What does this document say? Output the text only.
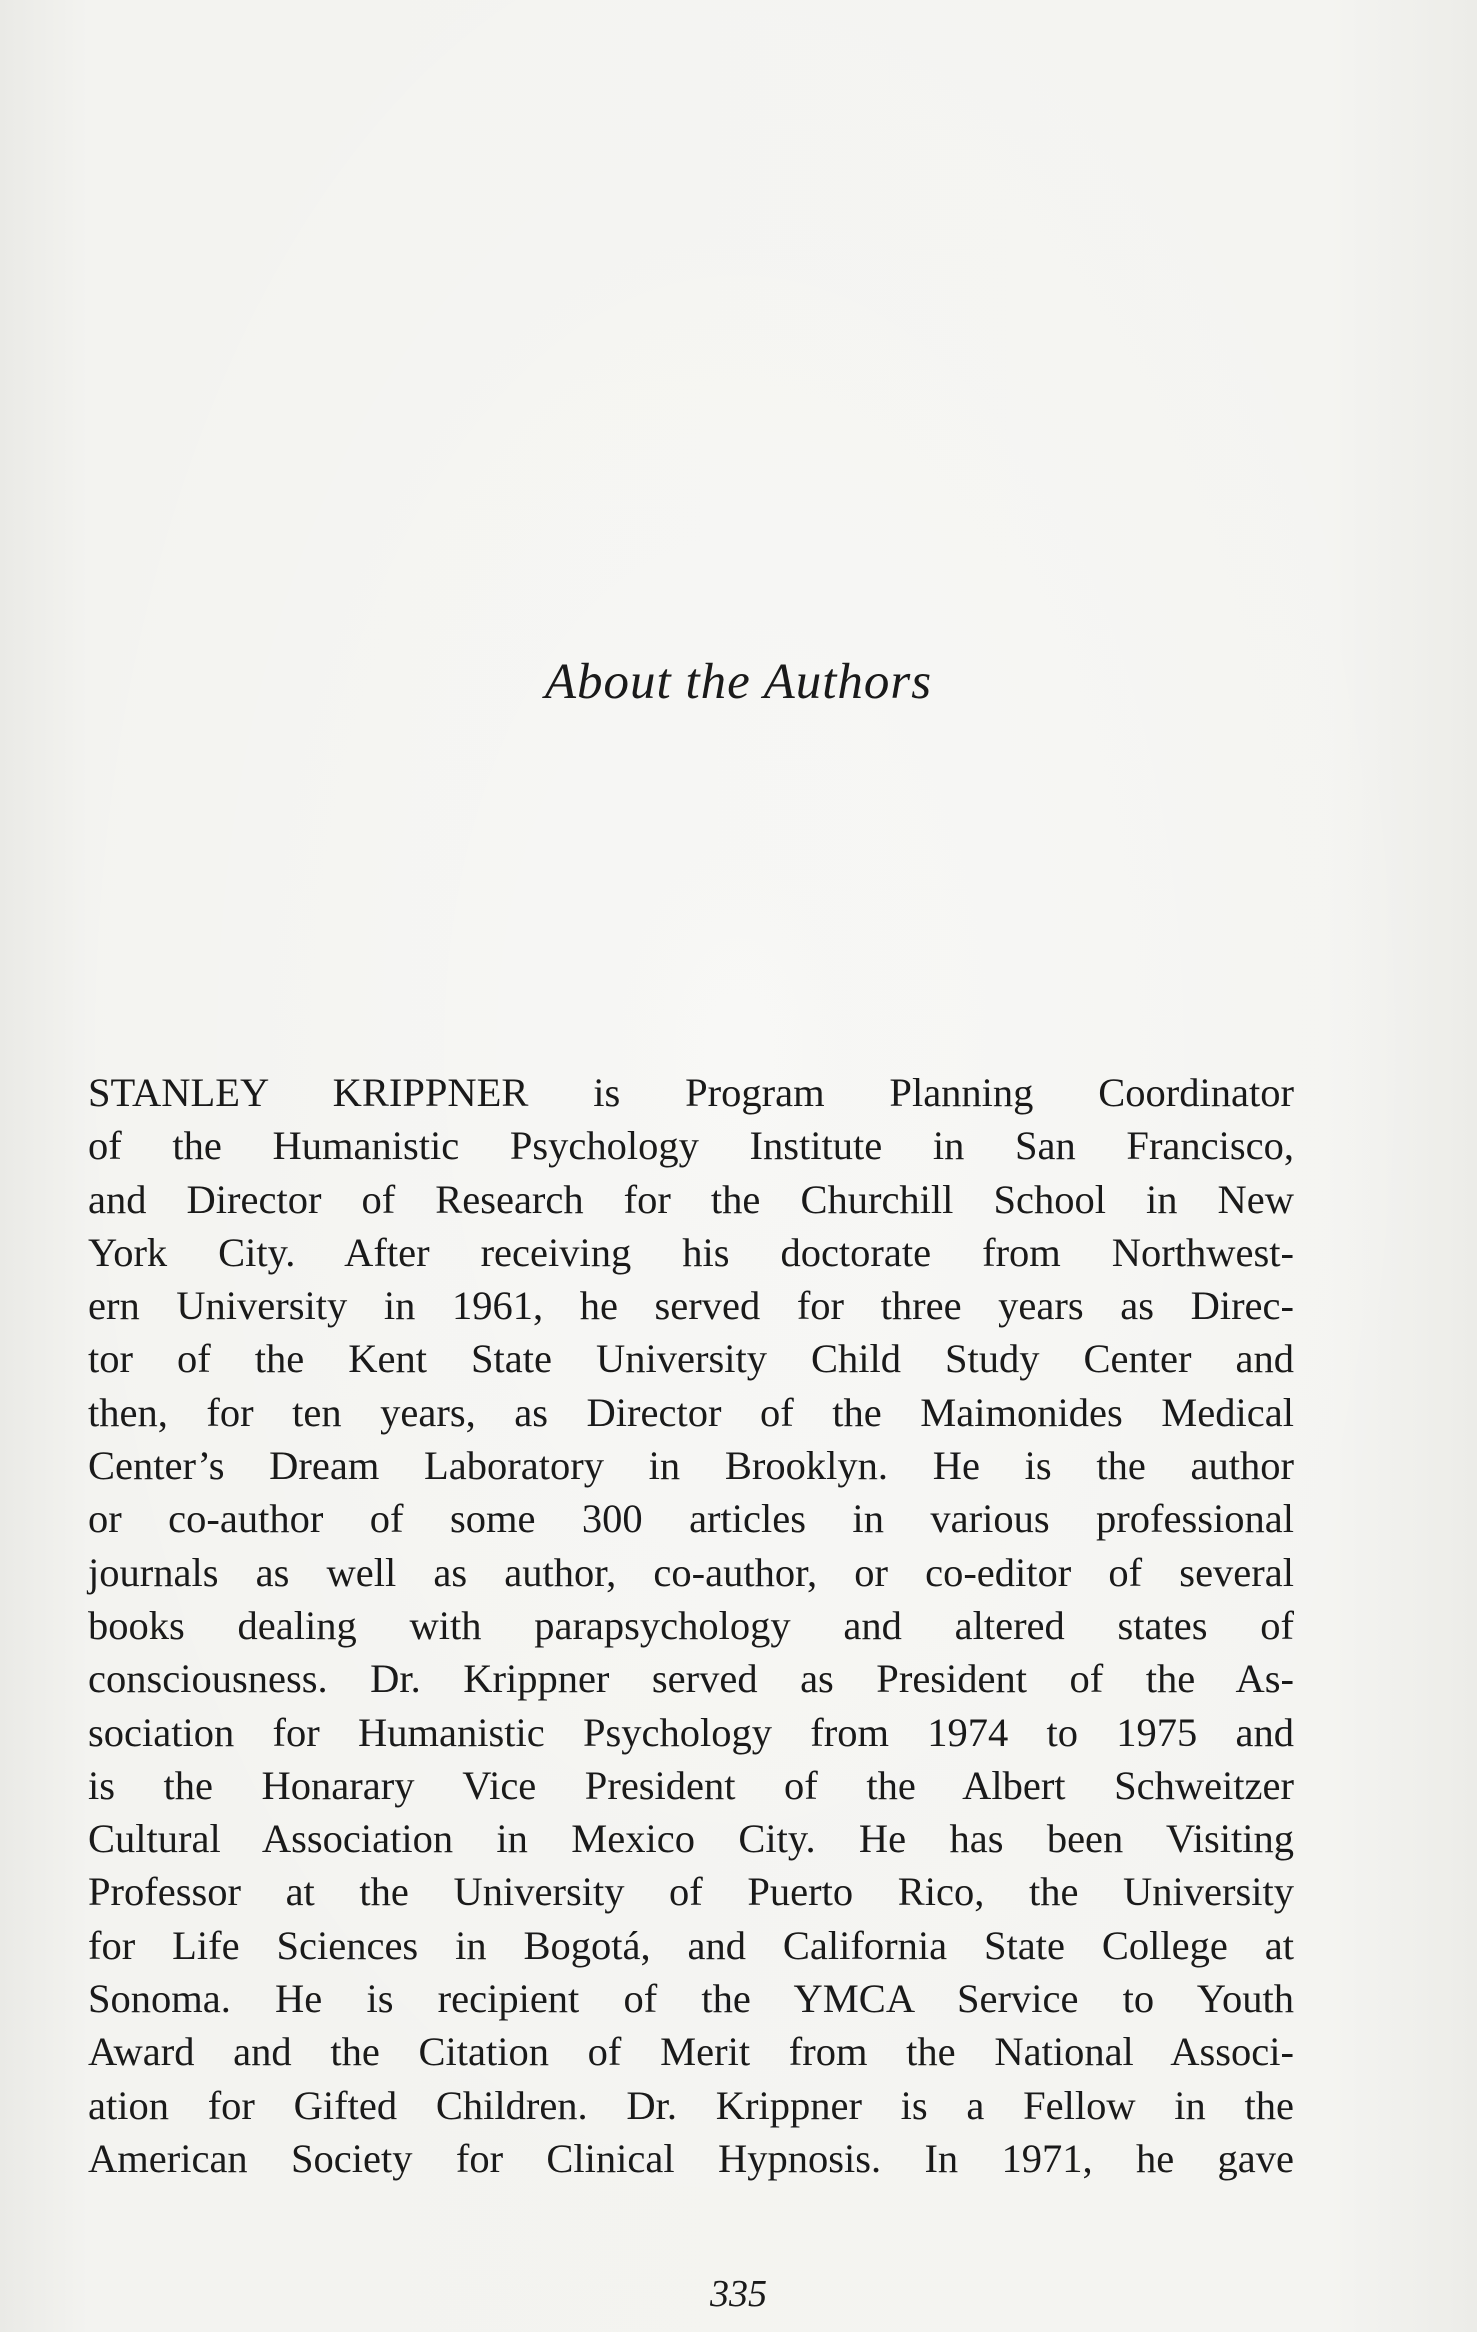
About the Authors
STANLEY KRIPPNER is Program Planning Coordinator
of the Humanistic Psychology Institute in San Francisco,
and Director of Research for the Churchill School in New
York City. After receiving his doctorate from Northwest-
ern University in 1961, he served for three years as Direc-
tor of the Kent State University Child Study Center and
then, for ten years, as Director of the Maimonides Medical
Center’s Dream Laboratory in Brooklyn. He is the author
or co-author of some 300 articles in various professional
journals as well as author, co-author, or co-editor of several
books dealing with parapsychology and altered states of
consciousness. Dr. Krippner served as President of the As-
sociation for Humanistic Psychology from 1974 to 1975 and
is the Honarary Vice President of the Albert Schweitzer
Cultural Association in Mexico City. He has been Visiting
Professor at the University of Puerto Rico, the University
for Life Sciences in Bogotá, and California State College at
Sonoma. He is recipient of the YMCA Service to Youth
Award and the Citation of Merit from the National Associ-
ation for Gifted Children. Dr. Krippner is a Fellow in the
American Society for Clinical Hypnosis. In 1971, he gave
335
